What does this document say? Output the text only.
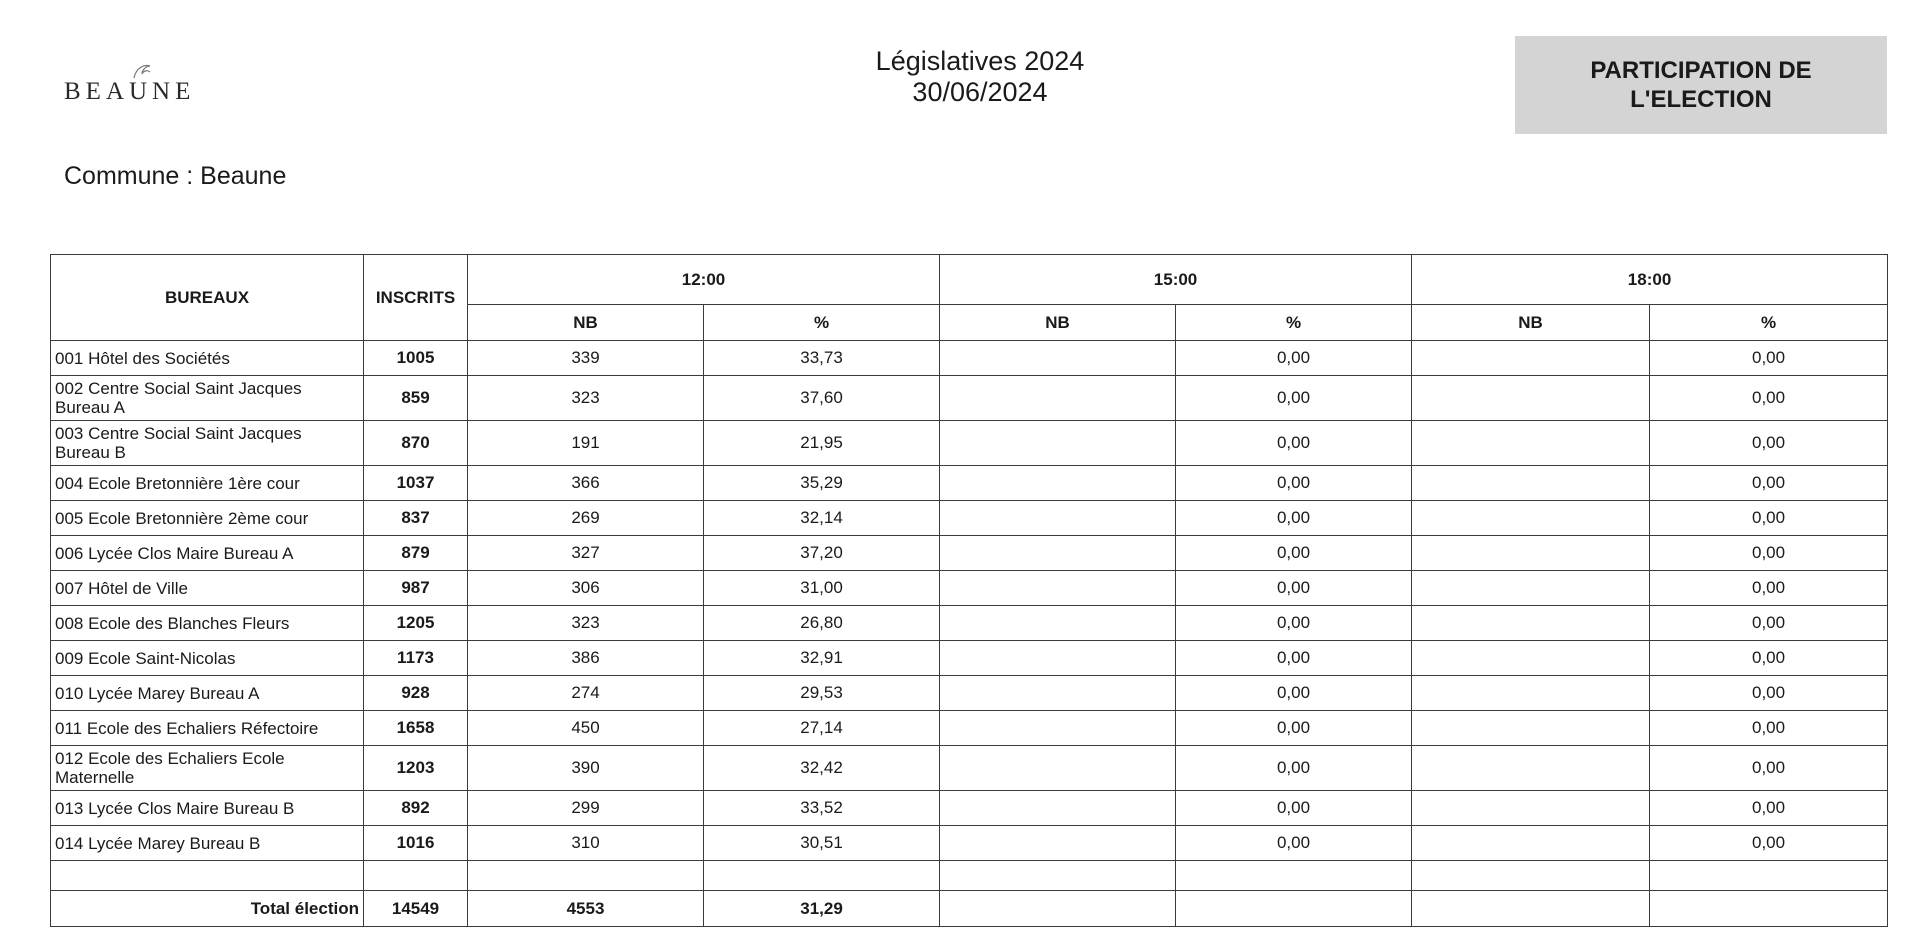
BEAUNE
Législatives 2024
30/06/2024
PARTICIPATION DE
L'ELECTION
Commune : Beaune
BUREAUX	INSCRITS	12:00		15:00		18:00	
		NB	%	NB	%	NB	%
001 Hôtel des Sociétés	1005	339	33,73		0,00		0,00
002 Centre Social Saint Jacques Bureau A	859	323	37,60		0,00		0,00
003 Centre Social Saint Jacques Bureau B	870	191	21,95		0,00		0,00
004 Ecole Bretonnière 1ère cour	1037	366	35,29		0,00		0,00
005 Ecole Bretonnière 2ème cour	837	269	32,14		0,00		0,00
006 Lycée Clos Maire Bureau A	879	327	37,20		0,00		0,00
007 Hôtel de Ville	987	306	31,00		0,00		0,00
008 Ecole des Blanches Fleurs	1205	323	26,80		0,00		0,00
009 Ecole Saint-Nicolas	1173	386	32,91		0,00		0,00
010 Lycée Marey Bureau A	928	274	29,53		0,00		0,00
011 Ecole des Echaliers Réfectoire	1658	450	27,14		0,00		0,00
012 Ecole des Echaliers Ecole Maternelle	1203	390	32,42		0,00		0,00
013 Lycée Clos Maire Bureau B	892	299	33,52		0,00		0,00
014 Lycée Marey Bureau B	1016	310	30,51		0,00		0,00

Total élection	14549	4553	31,29				
